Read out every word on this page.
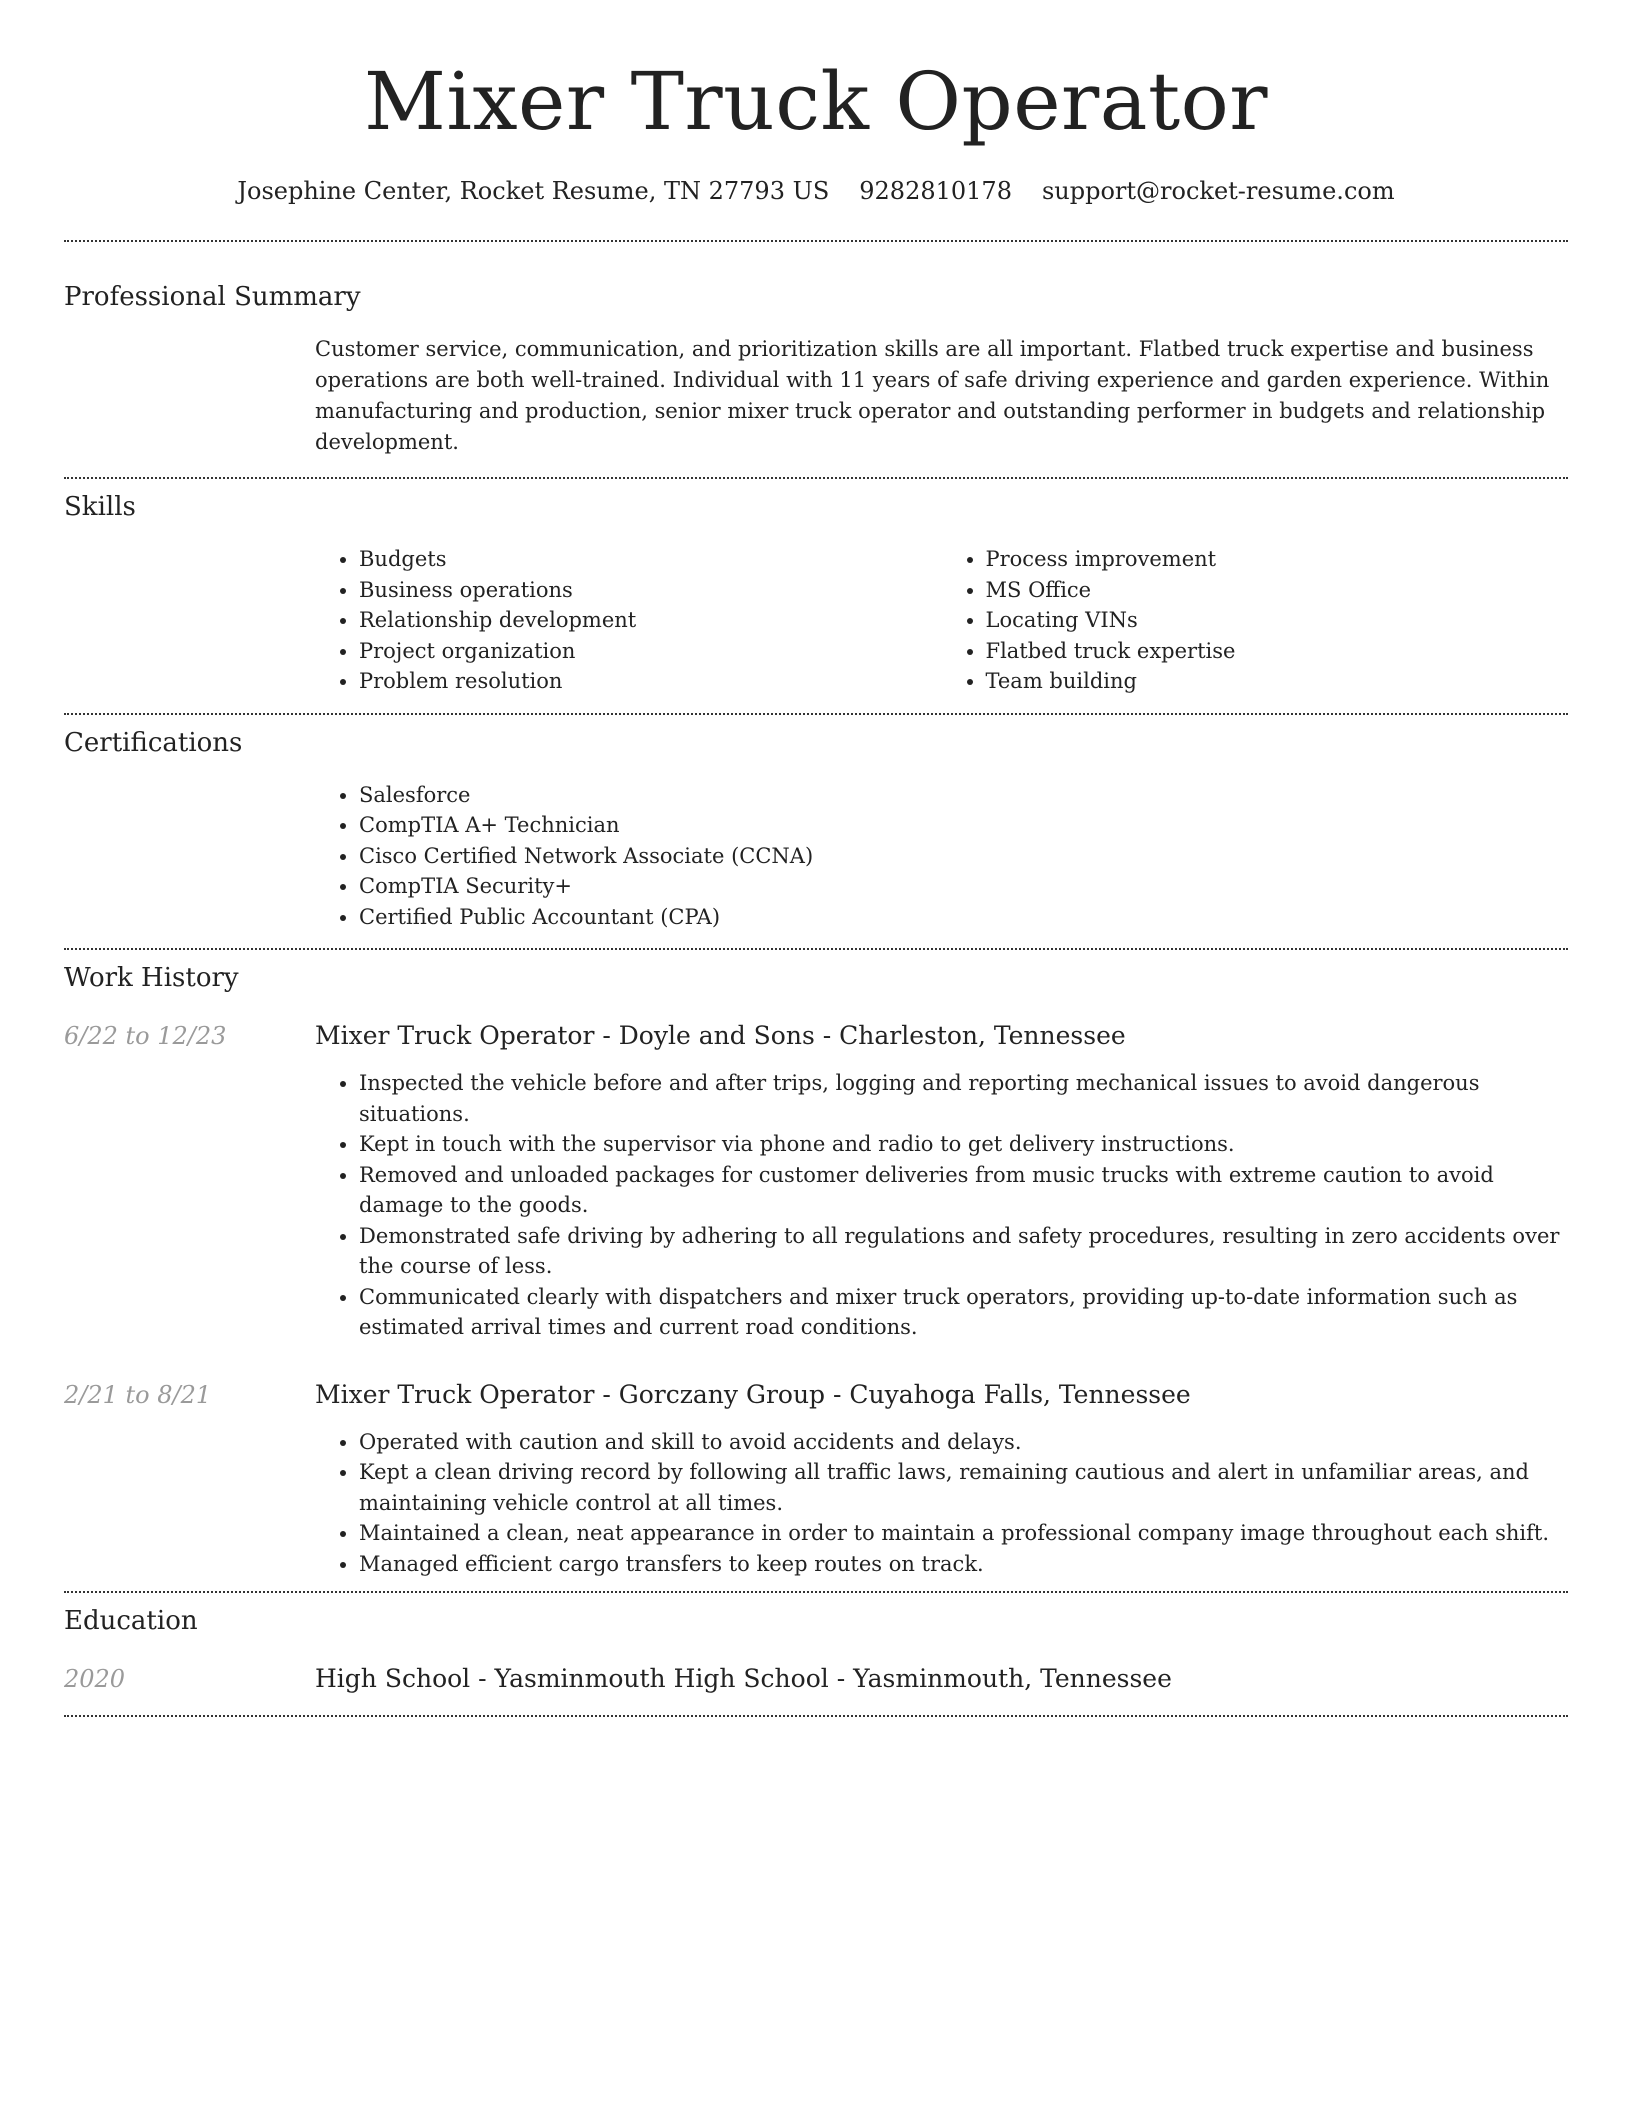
Mixer Truck Operator
Josephine Center, Rocket Resume, TN 27793 US 9282810178 support@rocket-resume.com
Professional Summary
Customer service, communication, and prioritization skills are all important. Flatbed truck expertise and business operations are both well-trained. Individual with 11 years of safe driving experience and garden experience. Within manufacturing and production, senior mixer truck operator and outstanding performer in budgets and relationship development.
Skills
• Budgets
• Business operations
• Relationship development
• Project organization
• Problem resolution
• Process improvement
• MS Office
• Locating VINs
• Flatbed truck expertise
• Team building
Certifications
• Salesforce
• CompTIA A+ Technician
• Cisco Certified Network Associate (CCNA)
• CompTIA Security+
• Certified Public Accountant (CPA)
Work History
6/22 to 12/23	Mixer Truck Operator - Doyle and Sons - Charleston, Tennessee
• Inspected the vehicle before and after trips, logging and reporting mechanical issues to avoid dangerous situations.
• Kept in touch with the supervisor via phone and radio to get delivery instructions.
• Removed and unloaded packages for customer deliveries from music trucks with extreme caution to avoid damage to the goods.
• Demonstrated safe driving by adhering to all regulations and safety procedures, resulting in zero accidents over the course of less.
• Communicated clearly with dispatchers and mixer truck operators, providing up-to-date information such as estimated arrival times and current road conditions.
2/21 to 8/21	Mixer Truck Operator - Gorczany Group - Cuyahoga Falls, Tennessee
• Operated with caution and skill to avoid accidents and delays.
• Kept a clean driving record by following all traffic laws, remaining cautious and alert in unfamiliar areas, and maintaining vehicle control at all times.
• Maintained a clean, neat appearance in order to maintain a professional company image throughout each shift.
• Managed efficient cargo transfers to keep routes on track.
Education
2020	High School - Yasminmouth High School - Yasminmouth, Tennessee
